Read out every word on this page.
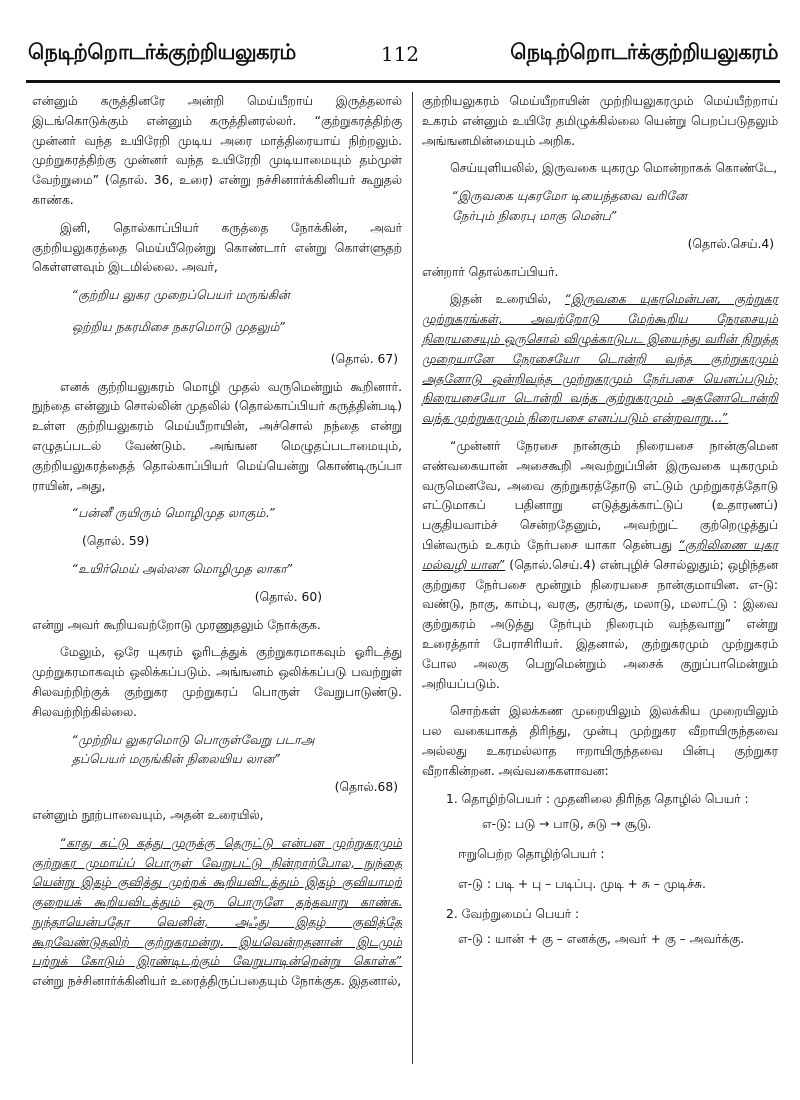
நெடிற்றொடர்க்குற்றியலுகரம்	112	நெடிற்றொடர்க்குற்றியலுகரம்

என்னும் கருத்தினரே அன்றி மெய்யீறாய் இருத்தலால் இடங்கொடுக்கும் என்னும் கருத்தினரல்லர். “குற்றுகரத்திற்கு முன்னர் வந்த உயிரேறி முடிய அரை மாத்திரையாய் நிற்றலும். முற்றுகரத்திற்கு முன்னர் வந்த உயிரேறி முடியாமையும் தம்முள் வேற்றுமை” (தொல். 36, உரை) என்று நச்சினார்க்கினியர் கூறுதல் காண்க.

இனி, தொல்காப்பியர் கருத்தை நோக்கின், அவர் குற்றியலுகரத்தை மெய்யீறென்று கொண்டார் என்று கொள்ளுதற் கெள்ளளவும் இடமில்லை. அவர்,

“குற்றிய லுகர முறைப்பெயர் மருங்கின்
ஒற்றிய நகரமிசை நகரமொடு முதலும்”
(தொல். 67)

எனக் குற்றியலுகரம் மொழி முதல் வருமென்றும் கூறினார். நுந்தை என்னும் சொல்லின் முதலில் (தொல்காப்பியர் கருத்தின்படி) உள்ள குற்றியலுகரம் மெய்யீறாயின், அச்சொல் நந்தை என்று எழுதப்படல் வேண்டும். அங்ஙன மெழுதப்படாமையும், குற்றியலுகரத்தைத் தொல்காப்பியர் மெய்யென்று கொண்டிருப்பா ராயின், அது,

“பன்னீ ருயிரும் மொழிமுத லாகும்.”
(தொல். 59)
“உயிர்மெய் அல்லன மொழிமுத லாகா”
(தொல். 60)

என்று அவர் கூறியவற்றோடு முரணுதலும் நோக்குக.

மேலும், ஒரே யுகரம் ஓரிடத்துக் குற்றுகரமாகவும் ஓரிடத்து முற்றுகரமாகவும் ஒலிக்கப்படும். அங்ஙனம் ஒலிக்கப்படு பவற்றுள் சிலவற்றிற்குக் குற்றுகர முற்றுகரப் பொருள் வேறுபாடுண்டு. சிலவற்றிற்கில்லை.

“முற்றிய லுகரமொடு பொருள்வேறு படாஅ
தப்பெயர் மருங்கின் நிலையிய லான”
(தொல்.68)

என்னும் நூற்பாவையும், அதன் உரையில்,

“காது கட்டு கத்து முருக்கு தெருட்டு என்பன முற்றுகரமும் குற்றுகர முமாய்ப் பொருள் வேறுபட்டு நின்றாற்போல, நுந்தை யென்று இதழ் குவித்து முற்றக் கூறியவிடத்தும் இதழ் குவியாமற் குறையக் கூறியவிடத்தும் ஒரு பொருளே தந்தவாறு காண்க. நுந்தாயென்பதோ வெனின், அஃது இதழ் குவித்தே கூறவேண்டுதலிற் குற்றுகரமன்று. இயவென்றதனான் இடமும் பற்றுக் கோடும் இரண்டிடற்கும் வேறுபாடின்றென்று கொள்க” என்று நச்சினார்க்கினியர் உரைத்திருப்பதையும் நோக்குக. இதனால்,

குற்றியலுகரம் மெய்யீறாயின் முற்றியலுகரமும் மெய்யீற்றாய் உகரம் என்னும் உயிரே தமிழுக்கில்லை யென்று பெறப்படுதலும் அங்ஙனமின்மையும் அறிக.

செய்யுளியலில், இருவகை யுகரமு மொன்றாகக் கொண்டே,

“இருவகை யுகரமோ டியைந்தவை வரினே
நேர்பும் நிரைபு மாகு மென்ப”
(தொல்.செய்.4)

என்றார் தொல்காப்பியர்.

இதன் உரையில், “இருவகை யுகரமென்பன, குற்றுகர முற்றுகரங்கள், அவற்றோடு மேற்கூறிய நேரசையும் நிரையசையும் ஒருசொல் விழுக்காடுபட இயைந்து வரின் நிறுத்த முறையானே நேரசையோ டொன்றி வந்த குற்றுகரமும் அதனோடு ஒன்றிவந்த முற்றுகரமும் நேர்பசை யெனப்படும்; நிரையசையோ டொன்றி வந்த குற்றுகரமும் அதனோடொன்றி வந்த முற்றுகரமும் நிரைபசை எனப்படும் என்றவாறு...”

“முன்னர் நேரசை நான்கும் நிரையசை நான்குமென எண்வகையான் அசைகூறி அவற்றுப்பின் இருவகை யுகரமும் வருமெனவே, அவை குற்றுகரத்தோடு எட்டும் முற்றுகரத்தோடு எட்டுமாகப் பதினாறு எடுத்துக்காட்டுப் (உதாரணப்) பகுதியவாம்ச் சென்றதேனும், அவற்றுட் குற்றெழுத்துப் பின்வரும் உகரம் நேர்பசை யாகா தென்பது “குறிலிணை யுகர மல்வழி யான” (தொல்.செய்.4) என்புழிச் சொல்லுதும்; ஒழிந்தன குற்றுகர நேர்பசை மூன்றும் நிரையசை நான்குமாயின. எ-டு: வண்டு, நாகு, காம்பு, வரகு, குரங்கு, மலாடு, மலாட்டு : இவை குற்றுகரம் அடுத்து நேர்பும் நிரைபும் வந்தவாறு” என்று உரைத்தார் பேராசிரியர். இதனால், குற்றுகரமும் முற்றுகரம் போல அலகு பெறுமென்றும் அசைக் குறுப்பாமென்றும் அறியப்படும்.

சொற்கள் இலக்கண முறையிலும் இலக்கிய முறையிலும் பல வகையாகத் திரிந்து, முன்பு முற்றுகர வீறாயிருந்தவை அல்லது உகரமல்லாத ஈறாயிருந்தவை பின்பு குற்றுகர வீறாகின்றன. அவ்வகைகளாவன:

1. தொழிற்பெயர் : முதனிலை திரிந்த தொழில் பெயர் :
எ-டு: படு → பாடு, சுடு → சூடு.
ஈறுபெற்ற தொழிற்பெயர் :
எ-டு : படி + பு – படிப்பு. முடி + சு – முடிச்சு.
2. வேற்றுமைப் பெயர் :
எ-டு : யான் + கு – எனக்கு, அவர் + கு – அவர்க்கு.
